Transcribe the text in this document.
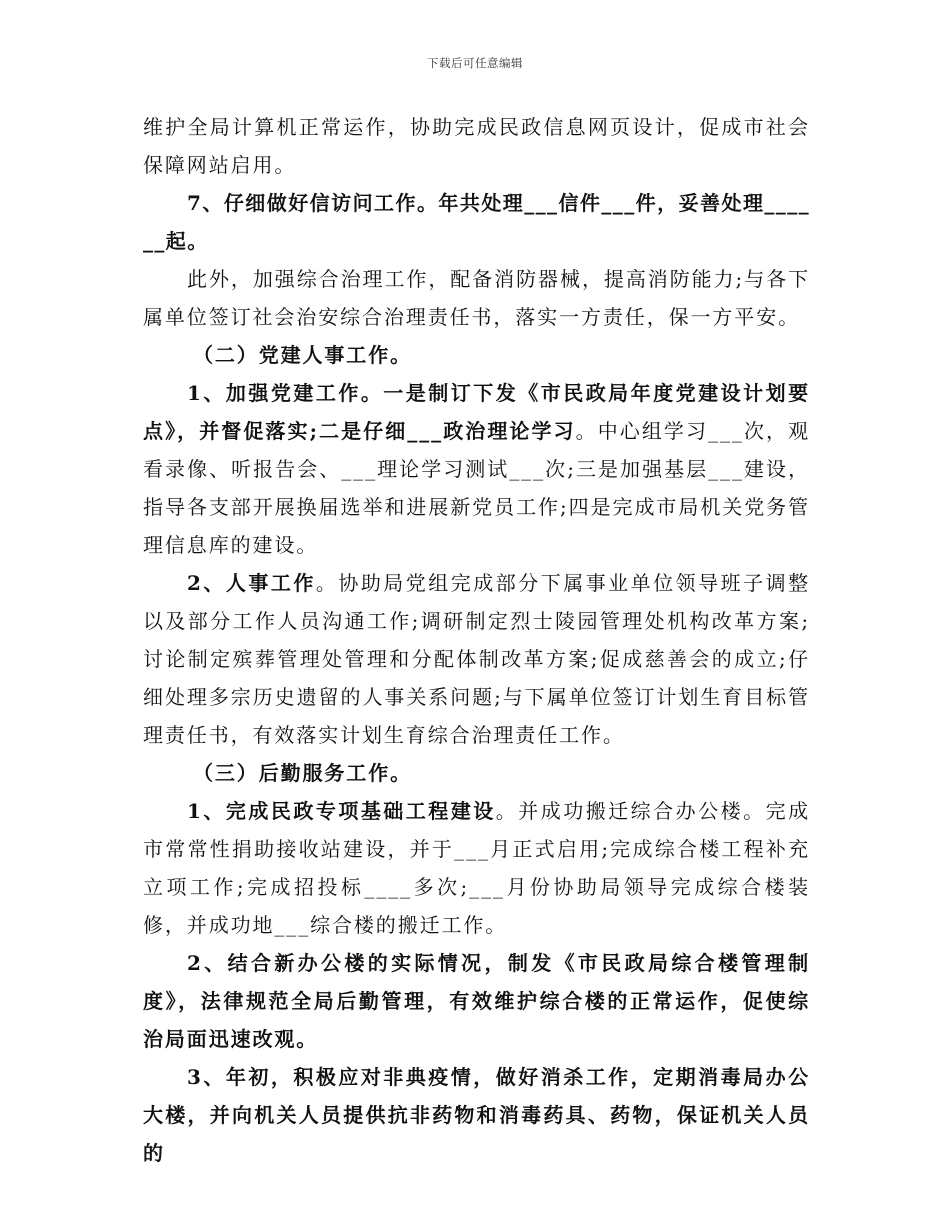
下载后可任意编辑

维护全局计算机正常运作，协助完成民政信息网页设计，促成市社会保障网站启用。

7、仔细做好信访问工作。年共处理___信件___件，妥善处理______起。

此外，加强综合治理工作，配备消防器械，提高消防能力;与各下属单位签订社会治安综合治理责任书，落实一方责任，保一方平安。

（二）党建人事工作。

1、加强党建工作。一是制订下发《市民政局年度党建设计划要点》，并督促落实;二是仔细___政治理论学习。中心组学习___次，观看录像、听报告会、___理论学习测试___次;三是加强基层___建设，指导各支部开展换届选举和进展新党员工作;四是完成市局机关党务管理信息库的建设。

2、人事工作。协助局党组完成部分下属事业单位领导班子调整以及部分工作人员沟通工作;调研制定烈士陵园管理处机构改革方案;讨论制定殡葬管理处管理和分配体制改革方案;促成慈善会的成立;仔细处理多宗历史遗留的人事关系问题;与下属单位签订计划生育目标管理责任书，有效落实计划生育综合治理责任工作。

（三）后勤服务工作。

1、完成民政专项基础工程建设。并成功搬迁综合办公楼。完成市常常性捐助接收站建设，并于___月正式启用;完成综合楼工程补充立项工作;完成招投标____多次;___月份协助局领导完成综合楼装修，并成功地___综合楼的搬迁工作。

2、结合新办公楼的实际情况，制发《市民政局综合楼管理制度》，法律规范全局后勤管理，有效维护综合楼的正常运作，促使综治局面迅速改观。

3、年初，积极应对非典疫情，做好消杀工作，定期消毒局办公大楼，并向机关人员提供抗非药物和消毒药具、药物，保证机关人员的
